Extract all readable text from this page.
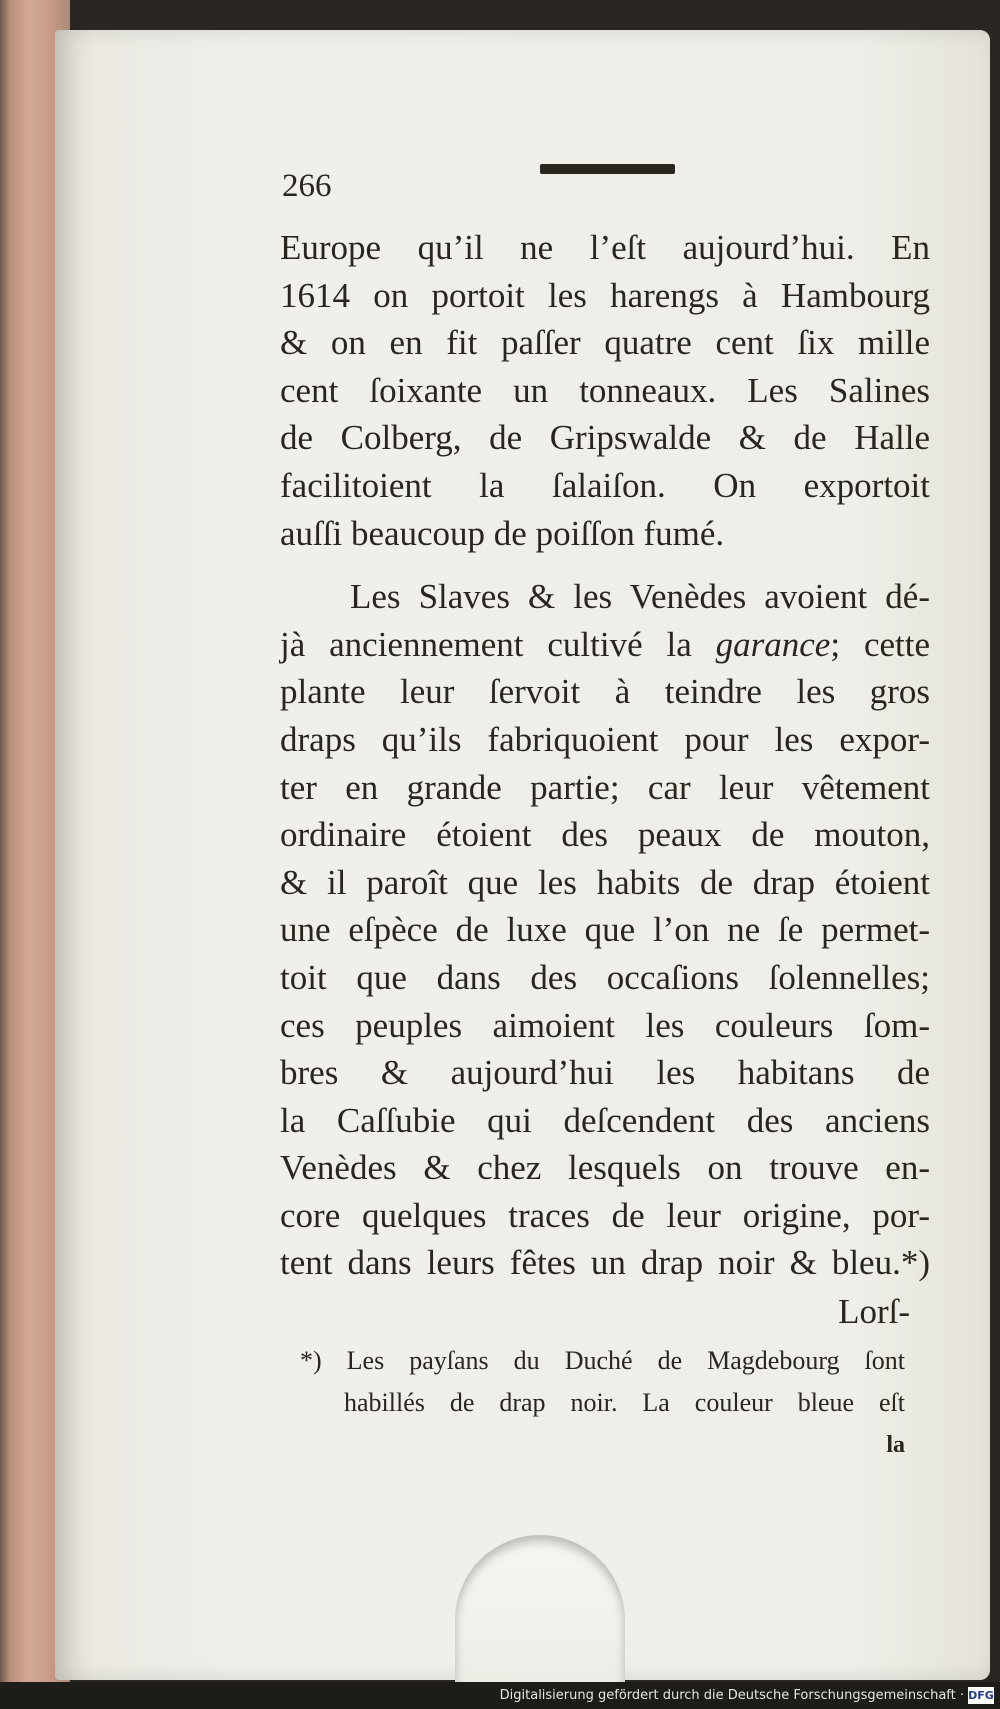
266
Europe qu’il ne l’eſt aujourd’hui. En
1614 on portoit les harengs à Hambourg
& on en fit paſſer quatre cent ſix mille
cent ſoixante un tonneaux. Les Salines
de Colberg, de Gripswalde & de Halle
facilitoient la ſalaiſon. On exportoit
auſſi beaucoup de poiſſon fumé.
Les Slaves & les Venèdes avoient dé-
jà anciennement cultivé la garance; cette
plante leur ſervoit à teindre les gros
draps qu’ils fabriquoient pour les expor-
ter en grande partie; car leur vêtement
ordinaire étoient des peaux de mouton,
& il paroît que les habits de drap étoient
une eſpèce de luxe que l’on ne ſe permet-
toit que dans des occaſions ſolennelles;
ces peuples aimoient les couleurs ſom-
bres & aujourd’hui les habitans de
la Caſſubie qui deſcendent des anciens
Venèdes & chez lesquels on trouve en-
core quelques traces de leur origine, por-
tent dans leurs fêtes un drap noir & bleu.*)
Lorſ-
*) Les payſans du Duché de Magdebourg ſont
habillés de drap noir. La couleur bleue eſt
la
Digitalisierung gefördert durch die Deutsche Forschungsgemeinschaft · DFG
